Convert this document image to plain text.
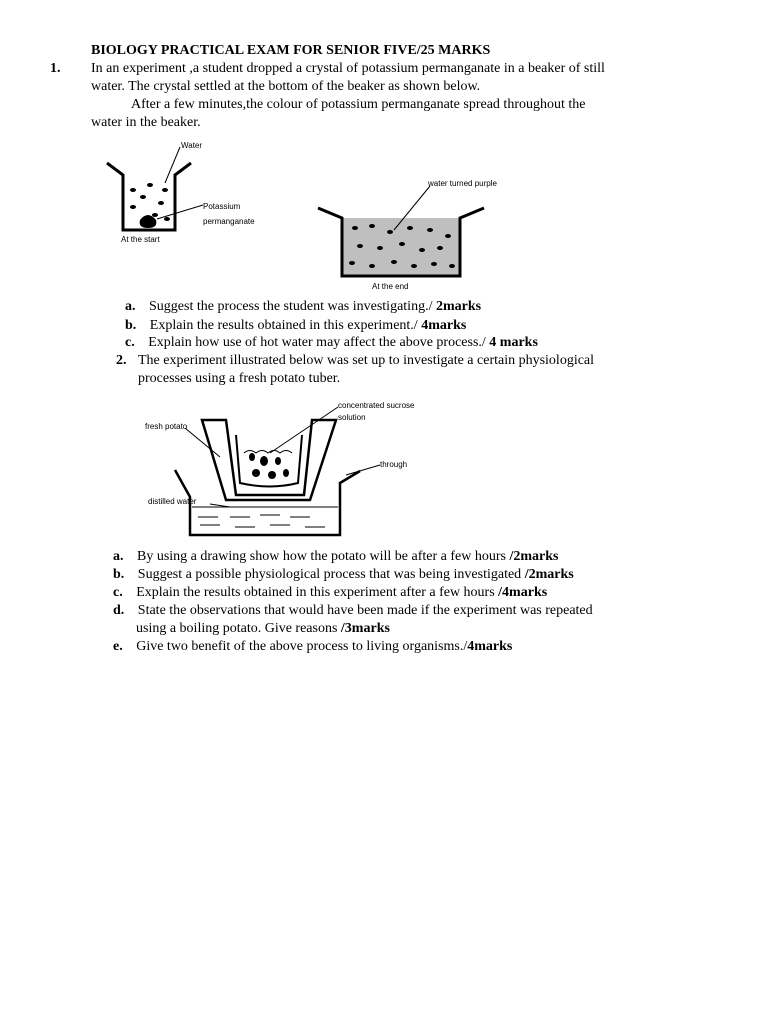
BIOLOGY PRACTICAL EXAM FOR SENIOR FIVE/25 MARKS
1. In an experiment ,a student dropped a crystal of potassium permanganate in a beaker of still
water. The crystal settled at the bottom of the beaker as shown below.
After a few minutes,the colour of potassium permanganate spread throughout the
water in the beaker.
Water
Potassium
permanganate
At the start
water turned purple
At the end
a. Suggest the process the student was investigating./ 2marks
b. Explain the results obtained in this experiment./ 4marks
c. Explain how use of hot water may affect the above process./ 4 marks
2. The experiment illustrated below was set up to investigate a certain physiological
processes using a fresh potato tuber.
concentrated sucrose
solution
fresh potato
through
distilled water
a. By using a drawing show how the potato will be after a few hours /2marks
b. Suggest a possible physiological process that was being investigated /2marks
c. Explain the results obtained in this experiment after a few hours /4marks
d. State the observations that would have been made if the experiment was repeated
using a boiling potato. Give reasons /3marks
e. Give two benefit of the above process to living organisms./4marks
